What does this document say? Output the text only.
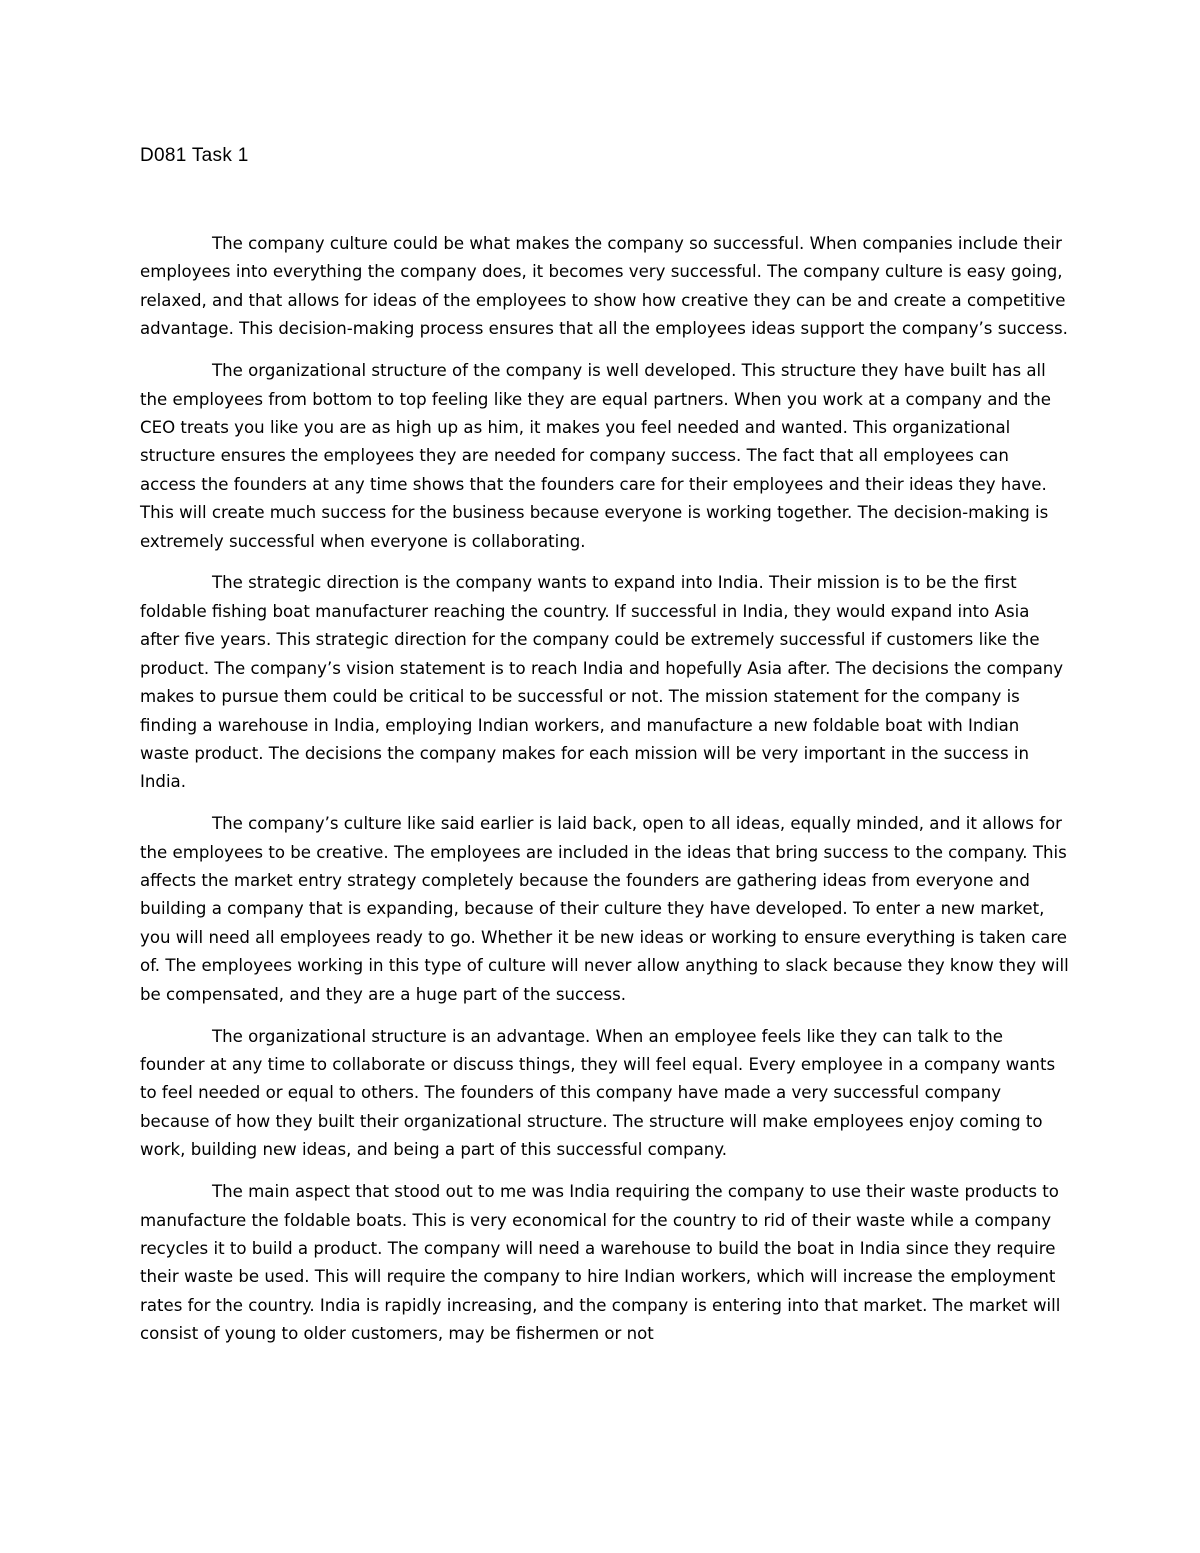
D081 Task 1

The company culture could be what makes the company so successful. When companies include their employees into everything the company does, it becomes very successful. The company culture is easy going, relaxed, and that allows for ideas of the employees to show how creative they can be and create a competitive advantage. This decision-making process ensures that all the employees ideas support the company’s success.

The organizational structure of the company is well developed. This structure they have built has all the employees from bottom to top feeling like they are equal partners. When you work at a company and the CEO treats you like you are as high up as him, it makes you feel needed and wanted. This organizational structure ensures the employees they are needed for company success. The fact that all employees can access the founders at any time shows that the founders care for their employees and their ideas they have. This will create much success for the business because everyone is working together. The decision-making is extremely successful when everyone is collaborating.

The strategic direction is the company wants to expand into India. Their mission is to be the first foldable fishing boat manufacturer reaching the country. If successful in India, they would expand into Asia after five years. This strategic direction for the company could be extremely successful if customers like the product. The company’s vision statement is to reach India and hopefully Asia after. The decisions the company makes to pursue them could be critical to be successful or not. The mission statement for the company is finding a warehouse in India, employing Indian workers, and manufacture a new foldable boat with Indian waste product. The decisions the company makes for each mission will be very important in the success in India.

The company’s culture like said earlier is laid back, open to all ideas, equally minded, and it allows for the employees to be creative. The employees are included in the ideas that bring success to the company. This affects the market entry strategy completely because the founders are gathering ideas from everyone and building a company that is expanding, because of their culture they have developed. To enter a new market, you will need all employees ready to go. Whether it be new ideas or working to ensure everything is taken care of. The employees working in this type of culture will never allow anything to slack because they know they will be compensated, and they are a huge part of the success.

The organizational structure is an advantage. When an employee feels like they can talk to the founder at any time to collaborate or discuss things, they will feel equal. Every employee in a company wants to feel needed or equal to others. The founders of this company have made a very successful company because of how they built their organizational structure. The structure will make employees enjoy coming to work, building new ideas, and being a part of this successful company.

The main aspect that stood out to me was India requiring the company to use their waste products to manufacture the foldable boats. This is very economical for the country to rid of their waste while a company recycles it to build a product. The company will need a warehouse to build the boat in India since they require their waste be used. This will require the company to hire Indian workers, which will increase the employment rates for the country. India is rapidly increasing, and the company is entering into that market. The market will consist of young to older customers, may be fishermen or not
